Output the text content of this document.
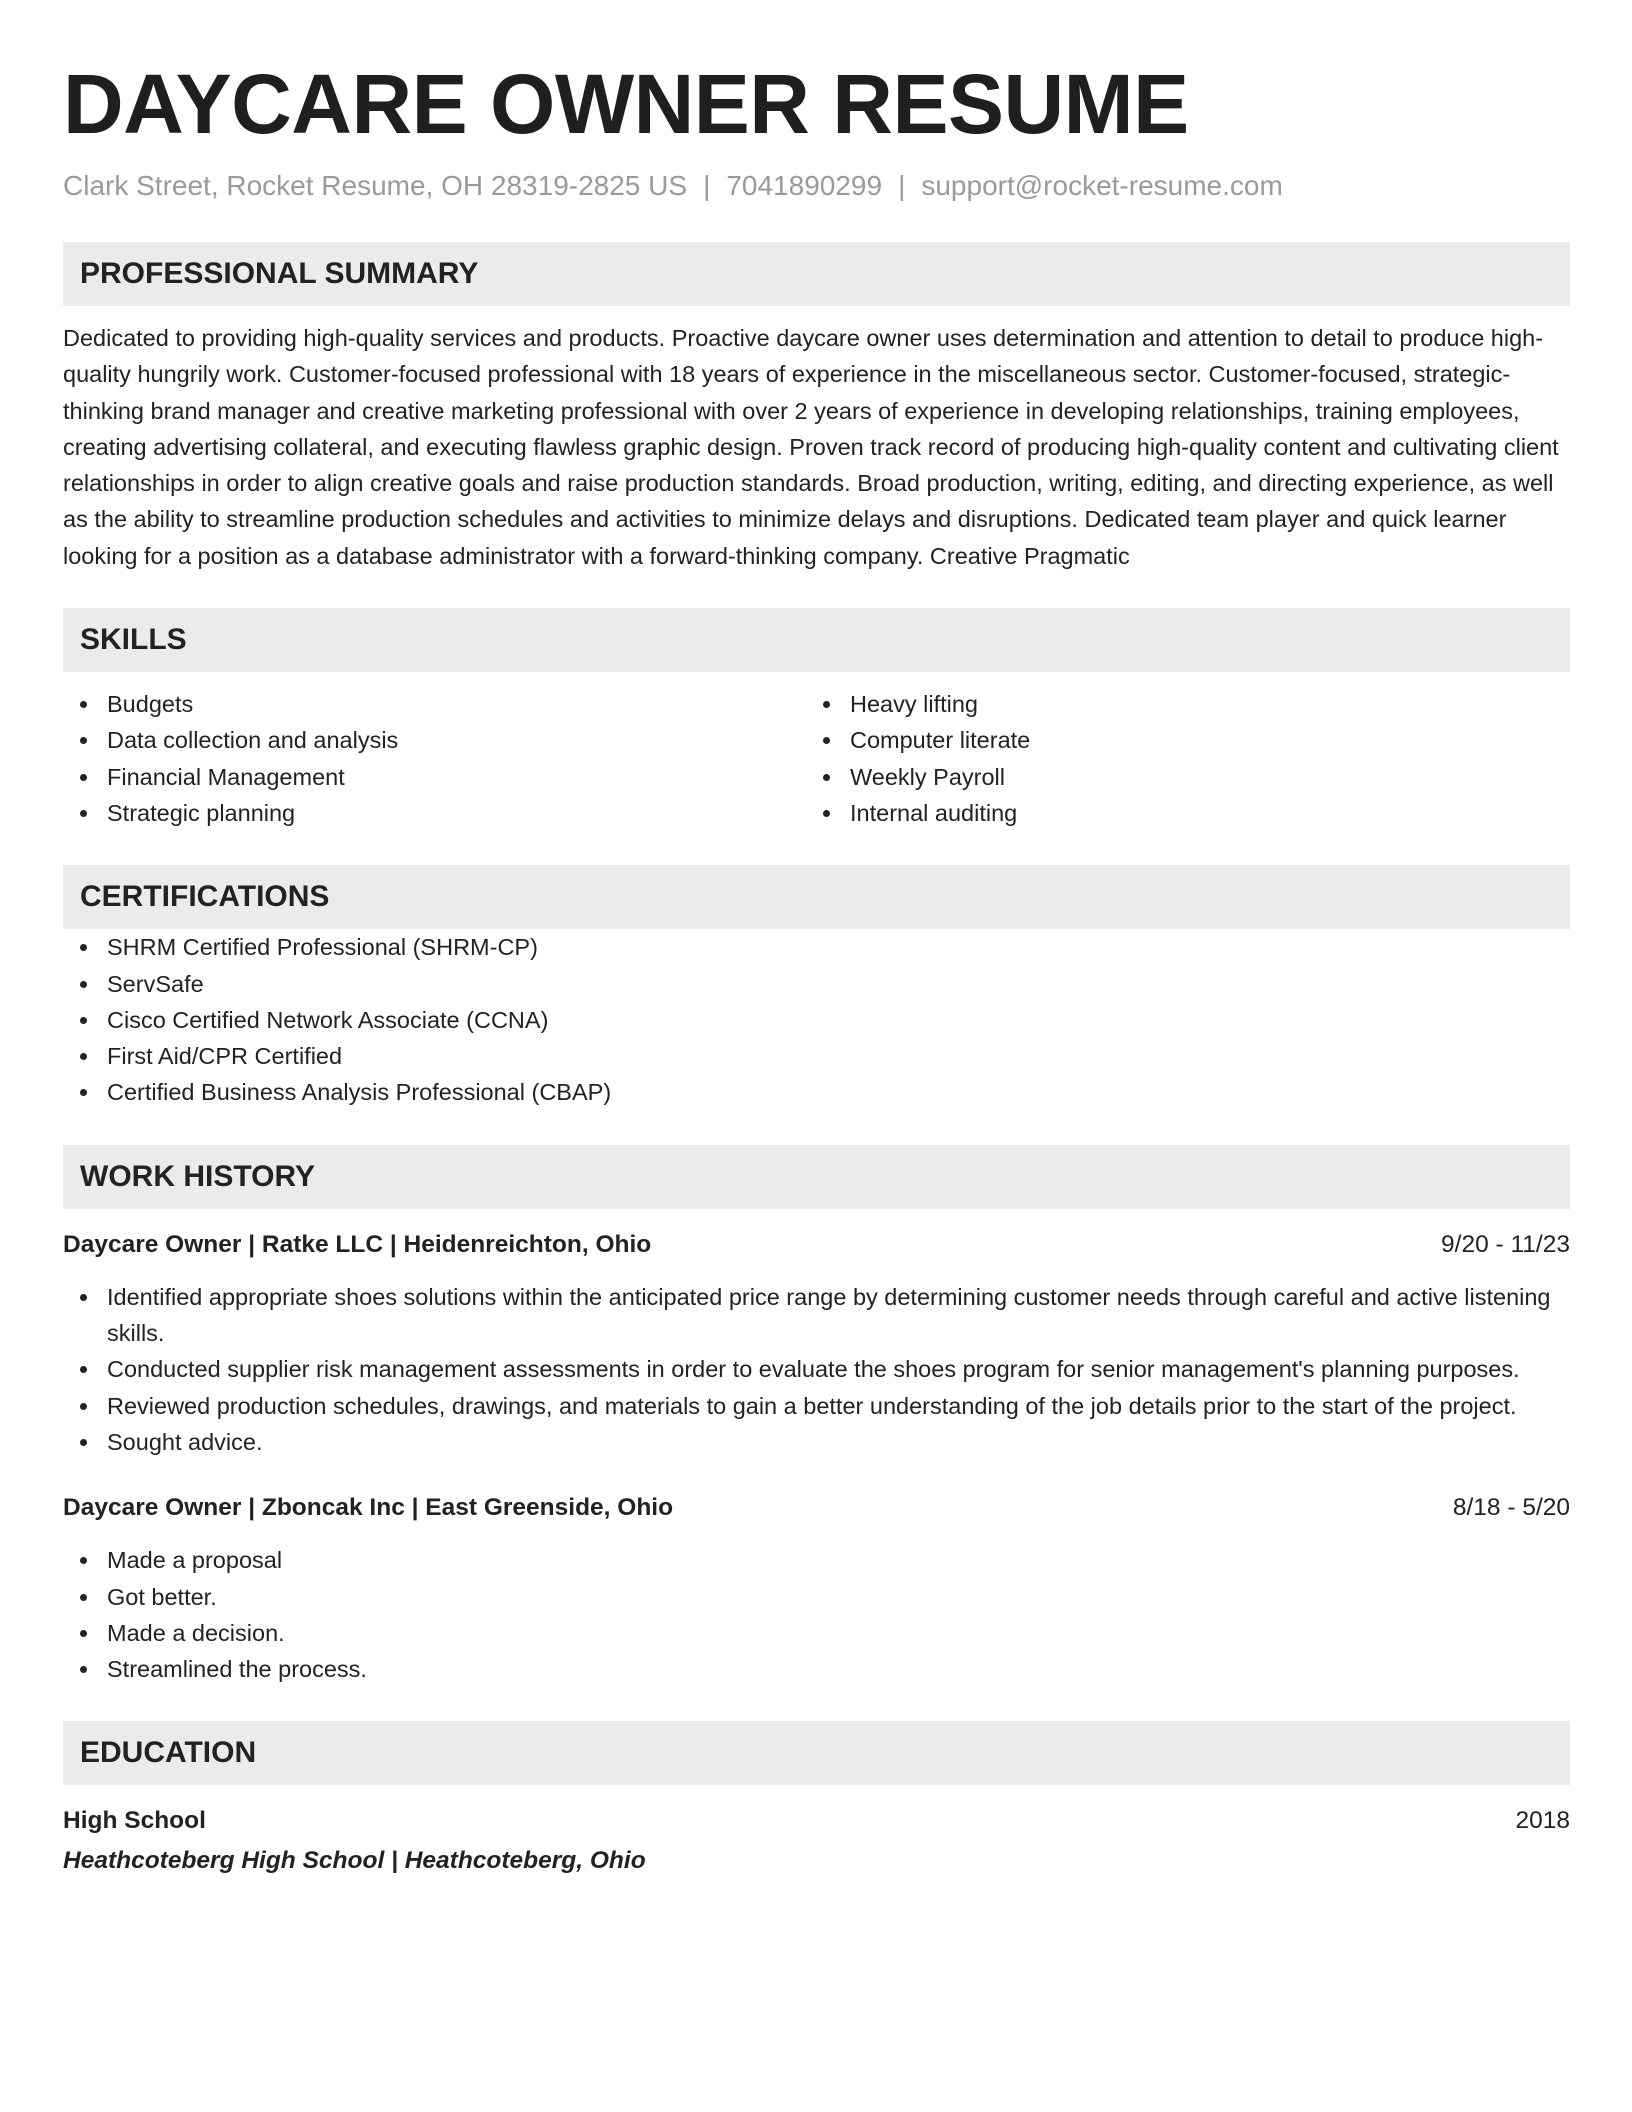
DAYCARE OWNER RESUME
Clark Street, Rocket Resume, OH 28319-2825 US | 7041890299 | support@rocket-resume.com
PROFESSIONAL SUMMARY
Dedicated to providing high-quality services and products. Proactive daycare owner uses determination and attention to detail to produce high-quality hungrily work. Customer-focused professional with 18 years of experience in the miscellaneous sector. Customer-focused, strategic-thinking brand manager and creative marketing professional with over 2 years of experience in developing relationships, training employees, creating advertising collateral, and executing flawless graphic design. Proven track record of producing high-quality content and cultivating client relationships in order to align creative goals and raise production standards. Broad production, writing, editing, and directing experience, as well as the ability to streamline production schedules and activities to minimize delays and disruptions. Dedicated team player and quick learner looking for a position as a database administrator with a forward-thinking company. Creative Pragmatic
SKILLS
Budgets
Data collection and analysis
Financial Management
Strategic planning
Heavy lifting
Computer literate
Weekly Payroll
Internal auditing
CERTIFICATIONS
SHRM Certified Professional (SHRM-CP)
ServSafe
Cisco Certified Network Associate (CCNA)
First Aid/CPR Certified
Certified Business Analysis Professional (CBAP)
WORK HISTORY
Daycare Owner | Ratke LLC | Heidenreichton, Ohio	9/20 - 11/23
Identified appropriate shoes solutions within the anticipated price range by determining customer needs through careful and active listening skills.
Conducted supplier risk management assessments in order to evaluate the shoes program for senior management's planning purposes.
Reviewed production schedules, drawings, and materials to gain a better understanding of the job details prior to the start of the project.
Sought advice.
Daycare Owner | Zboncak Inc | East Greenside, Ohio	8/18 - 5/20
Made a proposal
Got better.
Made a decision.
Streamlined the process.
EDUCATION
High School	2018
Heathcoteberg High School | Heathcoteberg, Ohio
